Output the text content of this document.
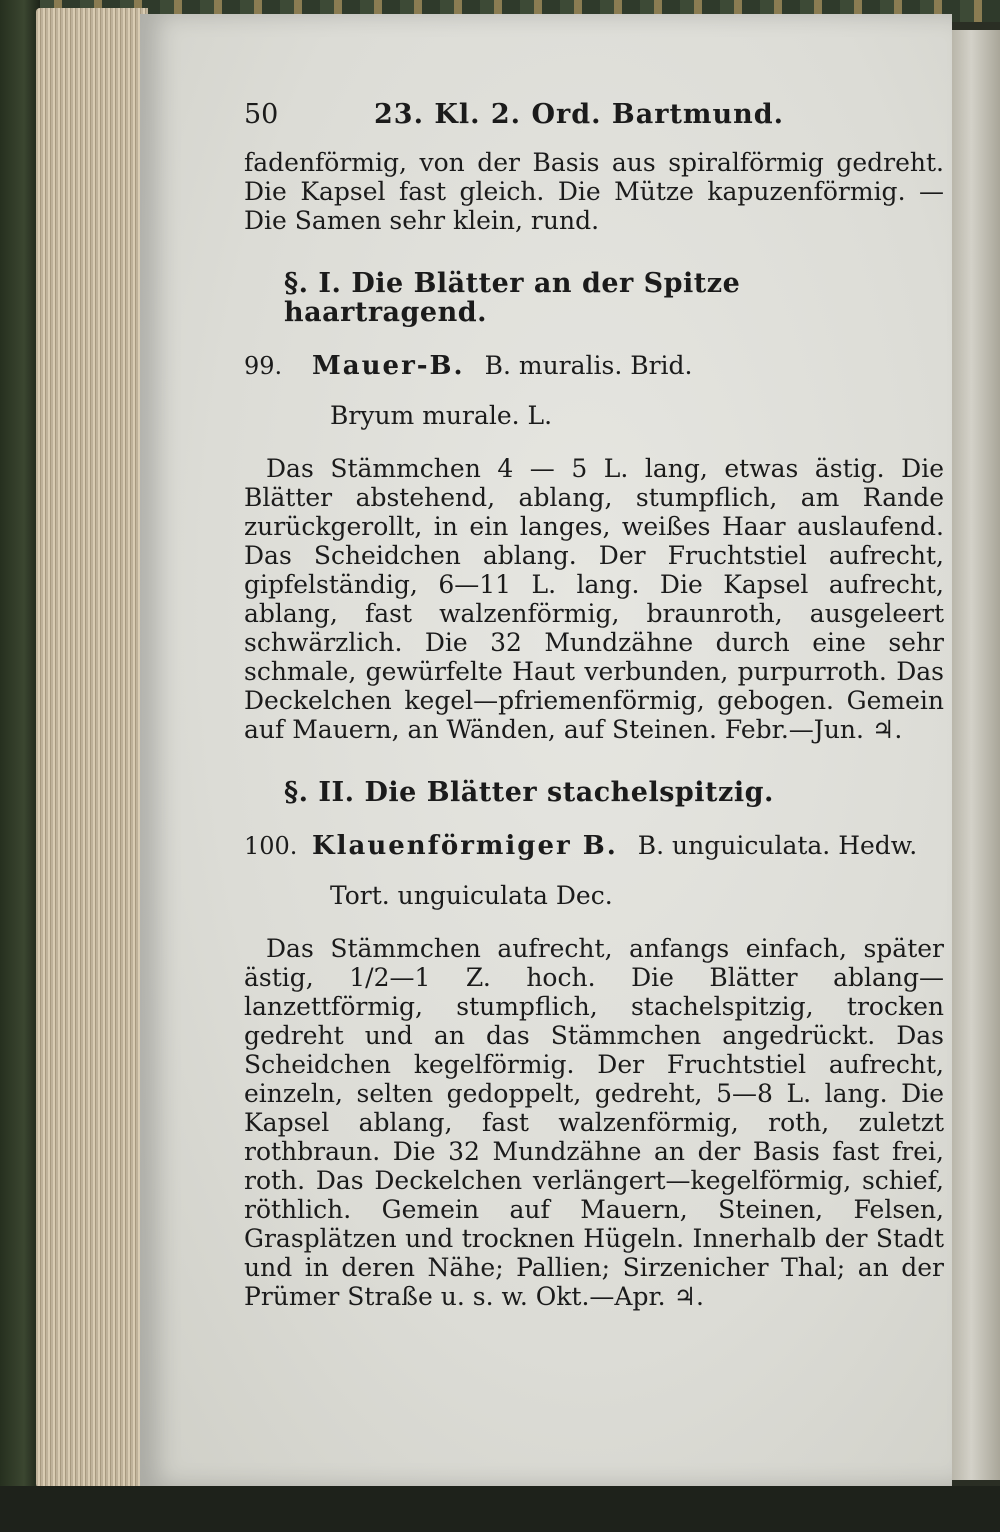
50	23. Kl. 2. Ord. Bartmund.

fadenförmig, von der Basis aus spiralförmig gedreht. Die Kapsel fast gleich. Die Mütze kapuzenförmig. — Die Samen sehr klein, rund.

§. I. Die Blätter an der Spitze haartragend.
99.	Mauer-B. B. muralis. Brid.
Bryum murale. L.

Das Stämmchen 4 — 5 L. lang, etwas ästig. Die Blätter abstehend, ablang, stumpflich, am Rande zurückgerollt, in ein langes, weißes Haar auslaufend. Das Scheidchen ablang. Der Fruchtstiel aufrecht, gipfelständig, 6—11 L. lang. Die Kapsel aufrecht, ablang, fast walzenförmig, braunroth, ausgeleert schwärzlich. Die 32 Mundzähne durch eine sehr schmale, gewürfelte Haut verbunden, purpurroth. Das Deckelchen kegel—pfriemenförmig, gebogen. Gemein auf Mauern, an Wänden, auf Steinen. Febr.—Jun. ♃.

§. II. Die Blätter stachelspitzig.
100. Klauenförmiger B. B. unguiculata. Hedw.
Tort. unguiculata Dec.

Das Stämmchen aufrecht, anfangs einfach, später ästig, 1/2—1 Z. hoch. Die Blätter ablang—lanzettförmig, stumpflich, stachelspitzig, trocken gedreht und an das Stämmchen angedrückt. Das Scheidchen kegelförmig. Der Fruchtstiel aufrecht, einzeln, selten gedoppelt, gedreht, 5—8 L. lang. Die Kapsel ablang, fast walzenförmig, roth, zuletzt rothbraun. Die 32 Mundzähne an der Basis fast frei, roth. Das Deckelchen verlängert—kegelförmig, schief, röthlich. Gemein auf Mauern, Steinen, Felsen, Grasplätzen und trocknen Hügeln. Innerhalb der Stadt und in deren Nähe; Pallien; Sirzenicher Thal; an der Prümer Straße u. s. w. Okt.—Apr. ♃.
